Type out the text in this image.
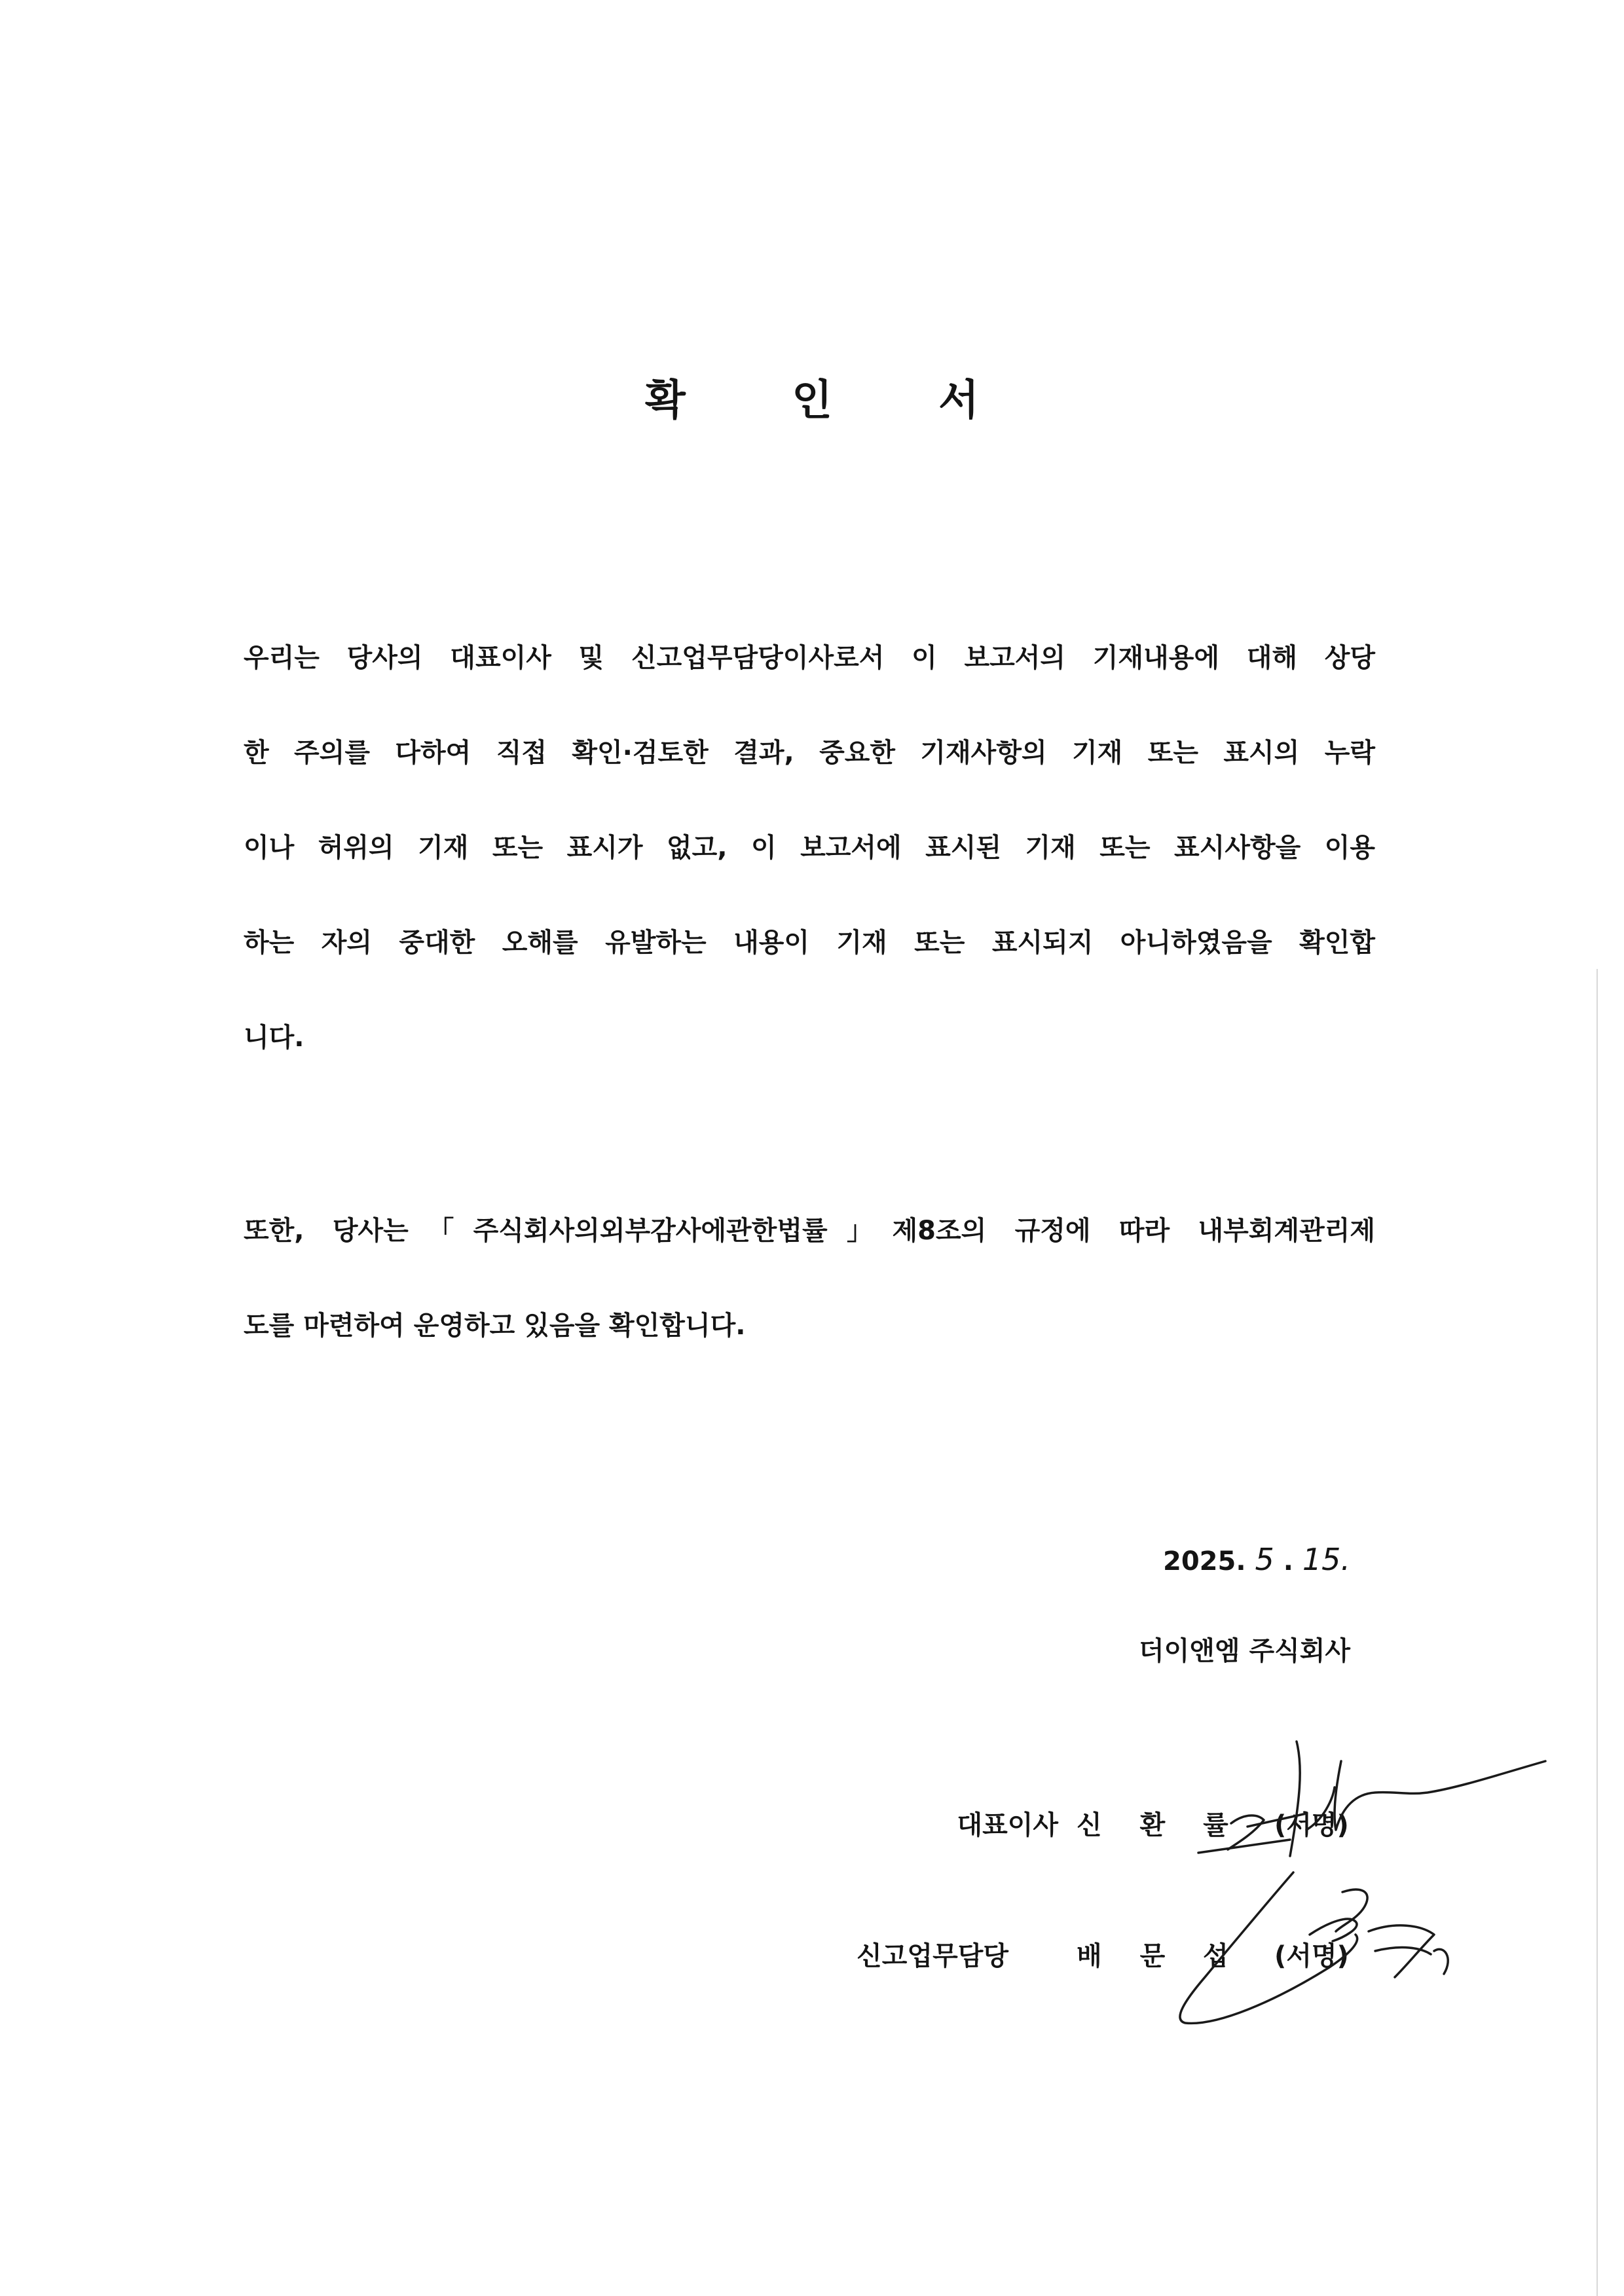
확 인 서
우리는 당사의 대표이사 및 신고업무담당이사로서 이 보고서의 기재내용에 대해 상당
한 주의를 다하여 직접 확인·검토한 결과, 중요한 기재사항의 기재 또는 표시의 누락
이나 허위의 기재 또는 표시가 없고, 이 보고서에 표시된 기재 또는 표시사항을 이용
하는 자의 중대한 오해를 유발하는 내용이 기재 또는 표시되지 아니하였음을 확인합
니다.
또한, 당사는「주식회사의외부감사에관한법률」제8조의 규정에 따라 내부회계관리제
도를 마련하여 운영하고 있음을 확인합니다.
2025. 5 . 15.
더이앤엠 주식회사
대표이사 신 환 률 (서명)
신고업무담당	배 문 섭 (서명)
